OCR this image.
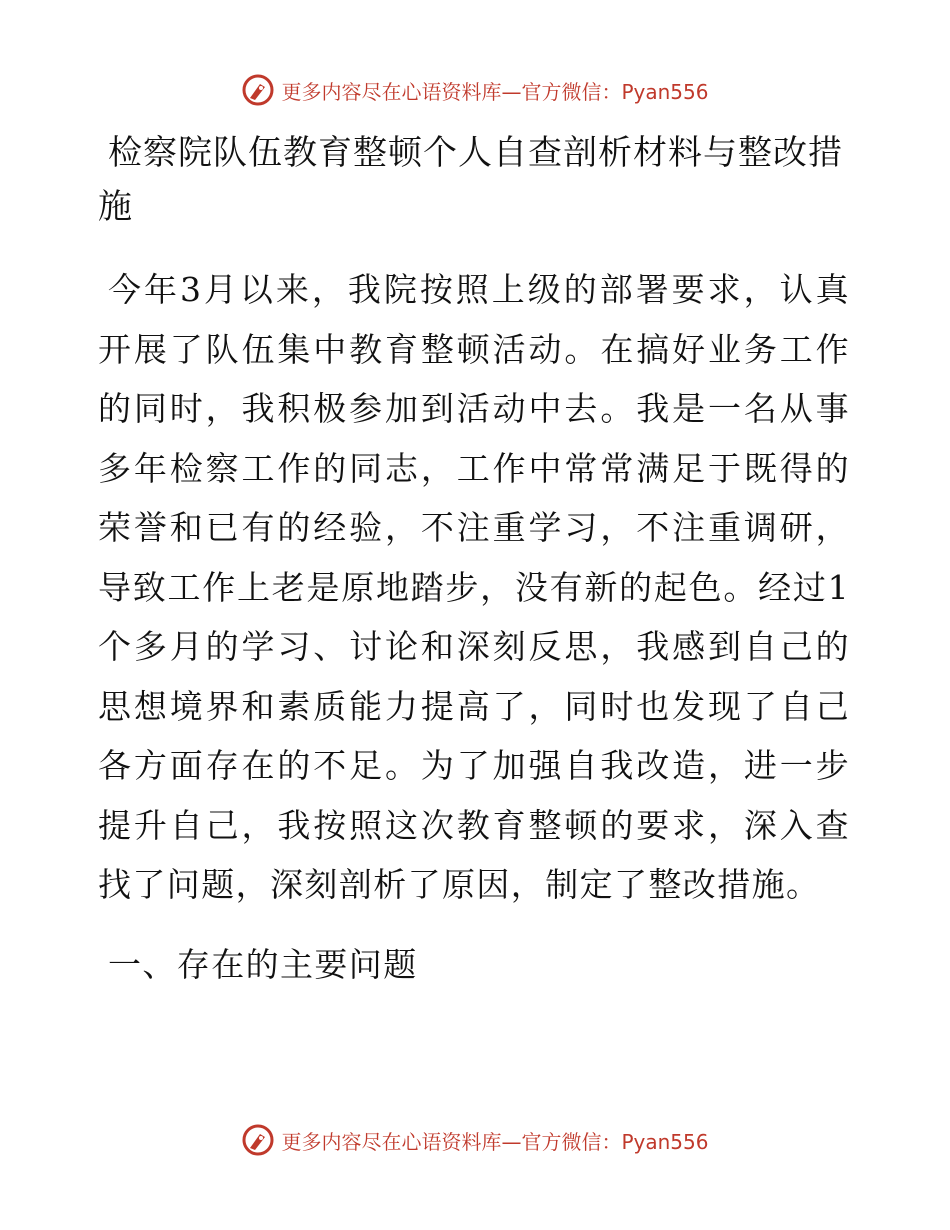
更多内容尽在心语资料库—官方微信：Pyan556
检察院队伍教育整顿个人自查剖析材料与整改措施

今年3月以来，我院按照上级的部署要求，认真开展了队伍集中教育整顿活动。在搞好业务工作的同时，我积极参加到活动中去。我是一名从事多年检察工作的同志，工作中常常满足于既得的荣誉和已有的经验，不注重学习，不注重调研，导致工作上老是原地踏步，没有新的起色。经过1个多月的学习、讨论和深刻反思，我感到自己的思想境界和素质能力提高了，同时也发现了自己各方面存在的不足。为了加强自我改造，进一步提升自己，我按照这次教育整顿的要求，深入查找了问题，深刻剖析了原因，制定了整改措施。

一、存在的主要问题
更多内容尽在心语资料库—官方微信：Pyan556
